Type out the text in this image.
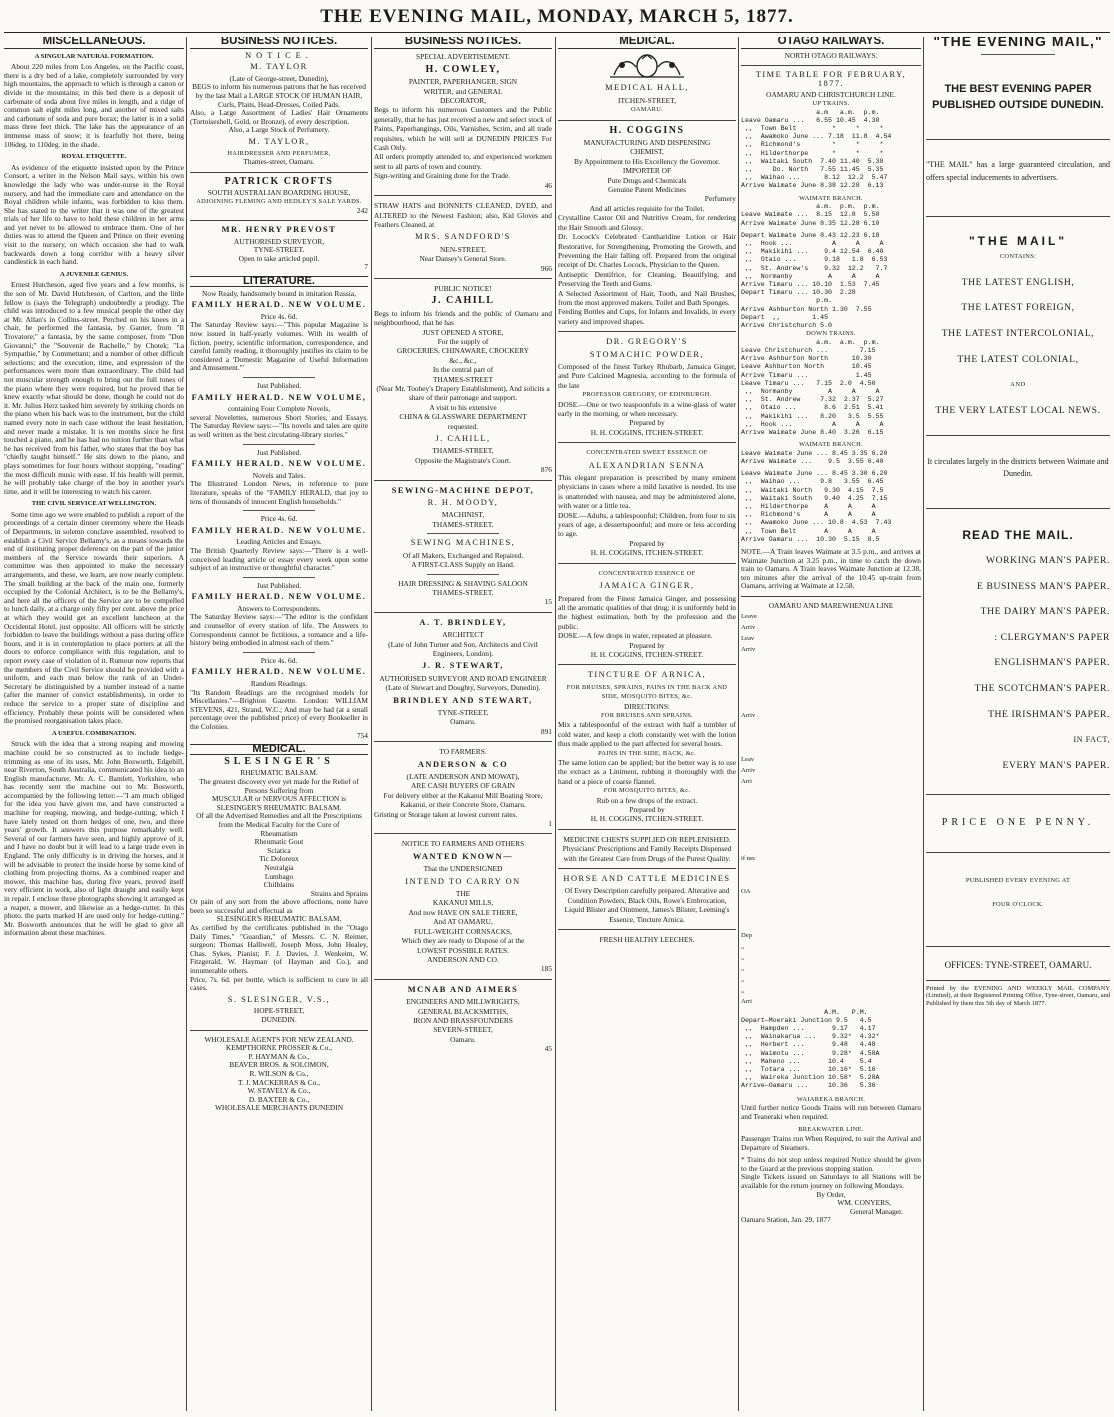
THE EVENING MAIL, MONDAY, MARCH 5, 1877.
MISCELLANEOUS.
A SINGULAR NATURAL FORMATION.

About 220 miles from Los Angeles, on the Pacific coast, there is a dry bed of a lake, completely surrounded by very high mountains, the approach to which is through a canon or divide in the mountains; in this bed there is a deposit of carbonate of soda about five miles in length, and a ridge of common salt eight miles long, and another of mixed salts and carbonate of soda and pure borax; the latter is in a solid mass three feet thick. The lake has the appearance of an immense mass of snow; it is fearfully hot there, being 106deg. to 110deg. in the shade.

ROYAL ETIQUETTE.

As evidence of the etiquette insisted upon by the Prince Consort, a writer in the Nelson Mail says, within his own knowledge the lady who was under-nurse in the Royal nursery, and had the immediate care and attendance on the Royal children while infants, was forbidden to kiss them. She has stated to the writer that it was one of the greatest trials of her life to have to hold these children in her arms and yet never to be allowed to embrace them. One of her duties was to attend the Queen and Prince on their evening visit to the nursery, on which occasion she had to walk backwards down a long corridor with a heavy silver candlestick in each hand.

A JUVENILE GENIUS.

Ernest Hutcheson, aged five years and a few months, is the son of Mr. David Hutcheson, of Carlton, and the little fellow is (says the Telegraph) undoubtedly a prodigy. The child was introduced to a few musical people the other day at Mr. Allan's in Collins-street. Perched on his knees in a chair, he performed the fantasia, by Ganter, from "Il Trovatore;" a fantasia, by the same composer, from "Don Giovanni;" the "Souvenir de Rachelle," by Chotek; "La Sympathie," by Commettant; and a number of other difficult selections; and the execution, time, and expression of the performances were more than extraordinary. The child had not muscular strength enough to bring out the full tones of the piano where they were required, but he proved that he knew exactly what should be done, though he could not do it. Mr. Julius Herz tasked him severely by striking chords on the piano when his back was to the instrument, but the child named every note in each case without the least hesitation, and never made a mistake. It is ten months since he first touched a piano, and he has had no tuition further than what he has received from his father, who states that the boy has "chiefly taught himself." He sits down to the piano, and plays sometimes for four hours without stopping, "reading" the most difficult music with ease. If his health will permit, he will probably take charge of the boy in another year's time, and it will be interesting to watch his career.

THE CIVIL SERVICE AT WELLINGTON.

Some time ago we were enabled to publish a report of the proceedings of a certain dinner ceremony where the Heads of Departments, in solemn conclave assembled, resolved to establish a Civil Service Bellamy's, as a means towards the end of instituting proper deference on the part of the junior members of the Service towards their superiors. A committee was then appointed to make the necessary arrangements, and these, we learn, are now nearly complete. The small building at the back of the main one, formerly occupied by the Colonial Architect, is to be the Bellamy's, and here all the officers of the Service are to be compelled to lunch daily, at a charge only fifty per cent. above the price at which they would get an excellent luncheon at the Occidental Hotel, just opposite. All officers will be strictly forbidden to leave the buildings without a pass during office hours, and it is in contemplation to place porters at all the doors to enforce compliance with this regulation, and to report every case of violation of it. Rumour now reports that the members of the Civil Service should be provided with a uniform, and each man below the rank of an Under-Secretary be distinguished by a number instead of a name (after the manner of convict establishments), in order to reduce the service to a proper state of discipline and efficiency. Probably these points will be considered when the promised reorganisation takes place.

A USEFUL COMBINATION.

Struck with the idea that a strong reaping and mowing machine could be so constructed as to include hedge-trimming as one of its uses, Mr. John Bosworth, Edgehill, near Riverton, South Australia, communicated his idea to an English manufacturer, Mr. A. C. Bamlett, Yorkshire, who has recently sent the machine out to Mr. Bosworth, accompanied by the following letter:—"I am much obliged for the idea you have given me, and have constructed a machine for reaping, mowing, and hedge-cutting, which I have lately tested on thorn hedges of one, two, and three years' growth. It answers this purpose remarkably well. Several of our farmers have seen, and highly approve of it, and I have no doubt but it will lead to a large trade even in England. The only difficulty is in driving the horses, and it will be advisable to protect the inside horse by some kind of clothing from projecting thorns. As a combined reaper and mower, this machine has, during five years, proved itself very efficient in work, also of light draught and easily kept in repair. I enclose three photographs showing it arranged as a reaper, a mower, and likewise as a hedge-cutter. In this photo. the parts marked H are used only for hedge-cutting." Mr. Bosworth announces that he will be glad to give all information about these machines.

BUSINESS NOTICES.
NOTICE.
M. TAYLOR
(Late of George-street, Dunedin),
BEGS to inform his numerous patrons that he has received by the last Mail a LARGE STOCK OF HUMAN HAIR, Curls, Plaits, Head-Dresses, Coiled Pads.
Also, a Large Assortment of Ladies' Hair Ornaments (Tortoiseshell, Gold, or Bronze), of every description.
Also, a Large Stock of Perfumery.
M. TAYLOR,
HAIRDRESSER AND PERFUMER,
Thames-street, Oamaru.
PATRICK CROFTS
SOUTH AUSTRALIAN BOARDING HOUSE,
ADJOINING FLEMING AND HEDLEY'S SALE YARDS.
242
MR. HENRY PREVOST
AUTHORISED SURVEYOR,
TYNE-STREET.
Open to take articled pupil.
7
LITERATURE.
Now Ready, handsomely bound in imitation Russia,
FAMILY HERALD. NEW VOLUME.
Price 4s. 6d.
The Saturday Review says:—"This popular Magazine is now issued in half-yearly volumes. With its wealth of fiction, poetry, scientific information, correspondence, and careful family reading, it thoroughly justifies its claim to be considered a 'Domestic Magazine of Useful Information and Amusement.'"
Just Published.
FAMILY HERALD. NEW VOLUME,
containing Four Complete Novels,
several Novelettes, numerous Short Stories, and Essays. The Saturday Review says:—"Its novels and tales are quite as well written as the best circulating-library stories."
Just Published.
FAMILY HERALD. NEW VOLUME.
Novels and Tales.
The Illustrated London News, in reference to pure literature, speaks of the "FAMILY HERALD, that joy to tens of thousands of innocent English households."
Price 4s. 6d.
FAMILY HERALD. NEW VOLUME.
Leading Articles and Essays.
The British Quarterly Review says:—"There is a well-conceived leading article or essay every week upon some subject of an instructive or thoughtful character."
Just Published.
FAMILY HERALD. NEW VOLUME.
Answers to Correspondents.
The Saturday Review says:—"The editor is the confidant and counsellor of every station of life. The Answers to Correspondents cannot be fictitious, a romance and a life-history being embodied in almost each of them."
Price 4s. 6d.
FAMILY HERALD. NEW VOLUME.
Random Readings.
"Its Random Readings are the recognised models for Miscellanies."—Brighton Gazette. London: WILLIAM STEVENS, 421, Strand, W.C.; And may be had (at a small percentage over the published price) of every Bookseller in the Colonies.
754
MEDICAL.
SLESINGER'S
RHEUMATIC BALSAM.
The greatest discovery ever yet made for the Relief of Persons Suffering from
MUSCULAR or NERVOUS AFFECTION is
SLESINGER'S RHEUMATIC BALSAM.
Of all the Advertised Remedies and all the Prescriptions from the Medical Faculty for the Cure of
Rheumatism
Rheumatic Gout
Sciatica
Tic Doloreux
Neuralgia
Lumbago
Chilblains
Strains and Sprains
Or pain of any sort from the above affections, none have been so successful and effectual as
SLESINGER'S RHEUMATIC BALSAM.
As certified by the certificates published in the "Otago Daily Times," "Guardian," of Messrs. C. N. Reimer, surgeon; Thomas Halliwell, Joseph Moss, John Healey, Chas. Sykes, Pianist; F. J. Davies, J. Wenkeim, W. Fitzgerald, W. Hayman (of Hayman and Co.), and innumerable others.
Price, 7s. 6d. per bottle, which is sufficient to cure in all cases.
S. SLESINGER, V.S.,
HOPE-STREET,
DUNEDIN.
WHOLESALE AGENTS FOR NEW ZEALAND.
KEMPTHORNE PROSSER & Co.,
P. HAYMAN & Co.,
BEAVER BROS. & SOLOMON,
R. WILSON & Co.,
T. J. MACKERRAS & Co.,
W. STAVELY & Co.,
D. BAXTER & Co.,
WHOLESALE MERCHANTS DUNEDIN
BUSINESS NOTICES.
SPECIAL ADVERTISEMENT.
H. COWLEY,
PAINTER, PAPERHANGER, SIGN
WRITER, and GENERAL
DECORATOR,
Begs to inform his numerous Customers and the Public generally, that he has just received a new and select stock of Paints, Paperhangings, Oils, Varnishes, Scrim, and all trade requisites, which he will sell at DUNEDIN PRICES For Cash Only.
All orders promptly attended to, and experienced workmen sent to all parts of town and country.
Sign-writing and Graining done for the Trade.
46
STRAW HATS and BONNETS CLEANED, DYED, and ALTERED to the Newest Fashion; also, Kid Gloves and Feathers Cleaned, at
MRS. SANDFORD'S
NEN-STREET,
Near Dansey's General Store.
966
PUBLIC NOTICE!
J. CAHILL
Begs to inform his friends and the public of Oamaru and neighbourhood, that he has
JUST OPENED A STORE,
For the supply of
GROCERIES, CHINAWARE, CROCKERY
&c., &c.,
In the central part of
THAMES-STREET
(Near Mr. Toohey's Drapery Establishment), And solicits a share of their patronage and support.
A visit to his extensive
CHINA & GLASSWARE DEPARTMENT
requested.
J. CAHILL,
THAMES-STREET,
Opposite the Magistrate's Court.
876
SEWING-MACHINE DEPOT,
R. H. MOODY,
MACHINIST,
THAMES-STREET.
SEWING MACHINES,
Of all Makers, Exchanged and Repaired.
A FIRST-CLASS Supply on Hand.
HAIR DRESSING & SHAVING SALOON
THAMES-STREET.
15
A. T. BRINDLEY,
ARCHITECT
(Late of John Turner and Son, Architects and Civil Engineers, London).
J. R. STEWART,
AUTHORISED SURVEYOR AND ROAD ENGINEER
(Late of Stewart and Doughty, Surveyors, Dunedin).
BRINDLEY AND STEWART,
TYNE-STREET,
Oamaru.
891
TO FARMERS.
ANDERSON & CO
(LATE ANDERSON AND MOWAT),
ARE CASH BUYERS OF GRAIN
For delivery either at the Kakanui Mill Boating Store, Kakanui, or their Concrete Store, Oamaru.
Gristing or Storage taken at lowest current rates.
1
NOTICE TO FARMERS AND OTHERS
WANTED KNOWN—
That the UNDERSIGNED
INTEND TO CARRY ON
THE
KAKANUI MILLS,
And now HAVE ON SALE THERE,
And AT OAMARU,
FULL-WEIGHT CORNSACKS,
Which they are ready to Dispose of at the
LOWEST POSSIBLE RATES.
ANDERSON AND CO.
185
MCNAB AND AIMERS
ENGINEERS AND MILLWRIGHTS,
GENERAL BLACKSMITHS,
IRON AND BRASSFOUNDERS
SEVERN-STREET,
Oamaru.
45
MEDICAL.
MEDICAL HALL,
ITCHEN-STREET,
OAMARU.
H. COGGINS
MANUFACTURING AND DISPENSING
CHEMIST,
By Appointment to His Excellency the Governor.
IMPORTER OF
Pure Drugs and Chemicals
Genuine Patent Medicines
Perfumery
And all articles requisite for the Toilet.
Crystalline Castor Oil and Nutritive Cream, for rendering the Hair Smooth and Glossy.
Dr. Locock's Celebrated Cantharidine Lotion or Hair Restorative, for Strengthening, Promoting the Growth, and Preventing the Hair falling off. Prepared from the original receipt of Dr. Charles Locock, Physician to the Queen.
Antiseptic Dentifrice, for Cleaning, Beautifying, and Preserving the Teeth and Gums.
A Selected Assortment of Hair, Tooth, and Nail Brushes, from the most approved makers. Toilet and Bath Sponges.
Feeding Bottles and Cups, for Infants and Invalids, in every variety and improved shapes.
DR. GREGORY'S
STOMACHIC POWDER,
Composed of the finest Turkey Rhubarb, Jamaica Ginger, and Pure Calcined Magnesia, according to the formula of the late
PROFESSOR GREGORY, OF EDINBURGH.
DOSE.—One or two teaspoonfuls in a wine-glass of water early in the morning, or when necessary.
Prepared by
H. H. COGGINS, ITCHEN-STREET.
CONCENTRATED SWEET ESSENCE OF
ALEXANDRIAN SENNA
This elegant preparation is prescribed by many eminent physicians in cases where a mild laxative is needed. Its use is unattended with nausea, and may be administered alone, with water or a little tea.
DOSE.—Adults, a tablespoonful; Children, from four to six years of age, a dessertspoonful; and more or less according to age.
Prepared by
H. H. COGGINS, ITCHEN-STREET.
CONCENTRATED ESSENCE OF
JAMAICA GINGER,
Prepared from the Finest Jamaica Ginger, and possessing all the aromatic qualities of that drug; it is uniformly held in the highest estimation, both by the profession and the public.
DOSE.—A few drops in water, repeated at pleasure.
Prepared by
H. H. COGGINS, ITCHEN-STREET.
TINCTURE OF ARNICA,
FOR BRUISES, SPRAINS, PAINS IN THE BACK AND SIDE, MOSQUITO BITES, &c.
DIRECTIONS:
FOR BRUISES AND SPRAINS.
Mix a tablespoonful of the extract with half a tumbler of cold water, and keep a cloth constantly wet with the lotion thus made applied to the part affected for several hours.
PAINS IN THE SIDE, BACK, &c.
The same lotion can be applied; but the better way is to use the extract as a Liniment, rubbing it thoroughly with the hand or a piece of coarse flannel.
FOR MOSQUITO BITES, &c.
Rub on a few drops of the extract.
Prepared by
H. H. COGGINS, ITCHEN-STREET.
MEDICINE CHESTS SUPPLIED OR REPLENISHED.
Physicians' Prescriptions and Family Receipts Dispensed with the Greatest Care from Drugs of the Purest Quality.
HORSE AND CATTLE MEDICINES
Of Every Description carefully prepared. Alterative and Condition Powders, Black Oils, Rowe's Embrocation, Liquid Blister and Ointment, James's Blister, Leeming's Essence, Tincture Arnica.
FRESH HEALTHY LEECHES.
OTAGO RAILWAYS.
NORTH OTAGO RAILWAYS.
TIME TABLE FOR FEBRUARY, 1877.
OAMARU AND CHRISTCHURCH LINE.
UP TRAINS.
a.m   a.m.  p.m.
Leave Oamaru ...   6.55 10.45  4.30
,,  Town Belt         *     *     *
,,  Awamoko June ... 7.18  11.8  4.54
,,  Richmond's        *     *     *
,,  Hilderthorpe      *     *     *
,,  Waitaki South  7.40 11.40  5.30
,,     Do. North   7.55 11.45  5.35
,,  Waihao ...      8.12  12.2  5.47
Arrive Waimate June 8.38 12.28  6.13
WAIMATE BRANCH.
a.m.  p.m.  p.m.
Leave Waimate ...  8.15  12.8  5.50
Arrive Waimate June 8.35 12.28 6.10
Depart Waimate June 8.43 12.23 6.18
,,  Hook ...          A     A     A
,,  Makikihi ...    9.4 12.54  6.40
,,  Otaio ...       9.18   1.8  6.53
,,  St. Andrew's    9.32  12.2   7.7
,,  Normanby         A     A     A
Arrive Timaru ... 10.10  1.53  7.45
Depart Timaru ... 10.30  2.28
p.m.
Arrive Ashburton North 1.30  7.55
Depart  ,,        1.45
Arrive Christchurch 5.0
DOWN TRAINS.
a.m.  a.m.  p.m.
Leave Christchurch ...        7.15
Arrive Ashburton North      10.30
Leave Ashburton North       10.45
Arrive Timaru ...            1.45
Leave Timaru ...   7.15  2.0  4.50
,,  Normanby         A     A     A
,,  St. Andrew     7.32  2.37  5.27
,,  Otaio ...       8.6  2.51  5.41
,,  Makikihi ...   8.20   3.5  5.55
,,  Hook ...          A     A     A
Arrive Waimate June 8.40  3.26  6.15
WAIMATE BRANCH.
Leave Waimate June ... 8.45 3.35 6.20
Arrive Waimate ...    9.5  3.55 6.40
Leave Waimate June ... 8.45 3.30 6.20
,,  Waihao ...     9.8   3.55  6.45
,,  Waitaki North   9.30  4.15  7.5
,,  Waitaki South   9.40  4.25  7.15
,,  Hilderthorpe    A     A     A
,,  Richmond's      A     A     A
,,  Awamoko June ... 10.8  4.53  7.43
,,  Town Belt       A     A     A
Arrive Oamaru ...  10.30  5.15  8.5
NOTE.—A Train leaves Waimate at 3.5 p.m., and arrives at Waimate Junction at 3.25 p.m., in time to catch the down train to Oamaru. A Train leaves Waimate Junction at 12.38, ten minutes after the arrival of the 10.45 up-train from Oamaru, arriving at Waimate at 12.58.
OAMARU AND MAREWHENUA LINE
Leave
Arriv
Leav
Arriv
Arriv
Leav
Arriv
Arri
if nec
OA
Dep
,,
,,
,,
,,
,,
Arri
A.M.   P.M.
Depart—Moeraki Junction 9.5   4.5
,,  Hampden ...       9.17   4.17
,,  Wainakarua ...    9.32*  4.32*
,,  Herbert ...       9.48   4.48
,,  Waimotu ...       9.28*  4.58A
,,  Maheno ...       10.4    5.4
,,  Totara ...       10.16*  5.16
,,  Waireka Junction 10.58*  5.28A
Arrive—Oamaru ...     10.36   5.36
WAIAREKA BRANCH.
Until further notice Goods Trains will run between Oamaru and Teaneraki when required.
BREAKWATER LINE.
Passenger Trains run When Required, to suit the Arrival and Departure of Steamers.
* Trains do not stop unless required Notice should be given to the Guard at the previous stopping station.
Single Tickets issued on Saturdays to all Stations will be available for the return journey on following Mondays.
By Order,
WM. CONYERS,
General Manager.
Oamaru Station, Jan. 29, 1877
"THE EVENING MAIL,"
THE BEST EVENING PAPER PUBLISHED OUTSIDE DUNEDIN.
"THE MAIL" has a large guaranteed circulation, and offers special inducements to advertisers.
"THE MAIL"
CONTAINS:
THE LATEST ENGLISH,
THE LATEST FOREIGN,
THE LATEST INTERCOLONIAL,
THE LATEST COLONIAL,
AND
THE VERY LATEST LOCAL NEWS.
It circulates largely in the districts between Waimate and Dunedin.
READ THE MAIL.
WORKING MAN'S PAPER.
E BUSINESS MAN'S PAPER.
THE DAIRY MAN'S PAPER.
: CLERGYMAN'S PAPER
ENGLISHMAN'S PAPER.
THE SCOTCHMAN'S PAPER.
THE IRISHMAN'S PAPER.
IN FACT,
EVERY MAN'S PAPER.
PRICE ONE PENNY.
PUBLISHED EVERY EVENING AT
FOUR O'CLOCK.
OFFICES: TYNE-STREET, OAMARU.
Printed by the EVENING AND WEEKLY MAIL COMPANY (Limited), at their Registered Printing Office, Tyne-street, Oamaru, and Published by them this 5th day of March 1877.
